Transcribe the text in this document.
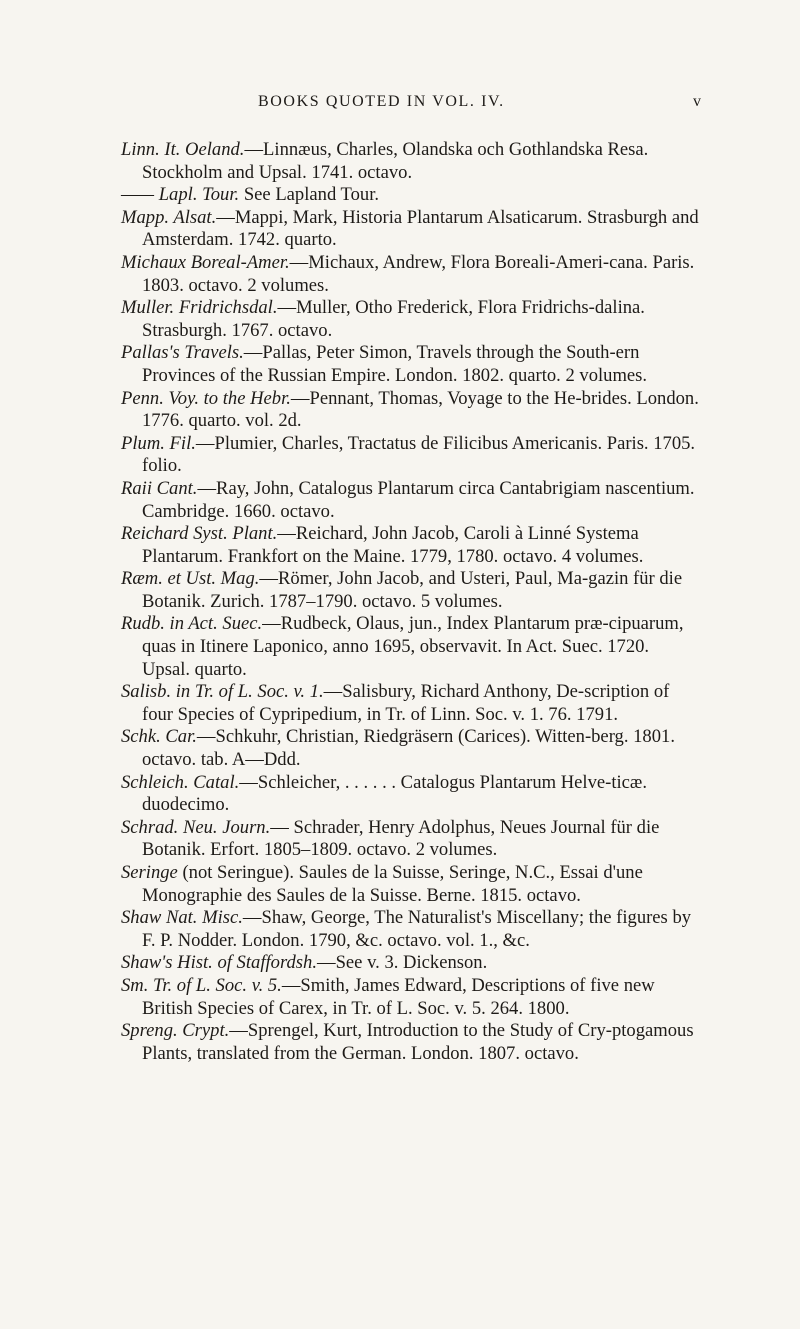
BOOKS QUOTED IN VOL. IV.	v

Linn. It. Oeland.—Linnæus, Charles, Olandska och Gothlandska Resa. Stockholm and Upsal. 1741. octavo.

—— Lapl. Tour. See Lapland Tour.

Mapp. Alsat.—Mappi, Mark, Historia Plantarum Alsaticarum. Strasburgh and Amsterdam. 1742. quarto.

Michaux Boreal-Amer.—Michaux, Andrew, Flora Boreali-Ameri-cana. Paris. 1803. octavo. 2 volumes.

Muller. Fridrichsdal.—Muller, Otho Frederick, Flora Fridrichs-dalina. Strasburgh. 1767. octavo.

Pallas's Travels.—Pallas, Peter Simon, Travels through the South-ern Provinces of the Russian Empire. London. 1802. quarto. 2 volumes.

Penn. Voy. to the Hebr.—Pennant, Thomas, Voyage to the He-brides. London. 1776. quarto. vol. 2d.

Plum. Fil.—Plumier, Charles, Tractatus de Filicibus Americanis. Paris. 1705. folio.

Raii Cant.—Ray, John, Catalogus Plantarum circa Cantabrigiam nascentium. Cambridge. 1660. octavo.

Reichard Syst. Plant.—Reichard, John Jacob, Caroli à Linné Systema Plantarum. Frankfort on the Maine. 1779, 1780. octavo. 4 volumes.

Ræm. et Ust. Mag.—Römer, John Jacob, and Usteri, Paul, Ma-gazin für die Botanik. Zurich. 1787–1790. octavo. 5 volumes.

Rudb. in Act. Suec.—Rudbeck, Olaus, jun., Index Plantarum præ-cipuarum, quas in Itinere Laponico, anno 1695, observavit. In Act. Suec. 1720. Upsal. quarto.

Salisb. in Tr. of L. Soc. v. 1.—Salisbury, Richard Anthony, De-scription of four Species of Cypripedium, in Tr. of Linn. Soc. v. 1. 76. 1791.

Schk. Car.—Schkuhr, Christian, Riedgräsern (Carices). Witten-berg. 1801. octavo. tab. A—Ddd.

Schleich. Catal.—Schleicher, . . . . . . Catalogus Plantarum Helve-ticæ. duodecimo.

Schrad. Neu. Journ.— Schrader, Henry Adolphus, Neues Journal für die Botanik. Erfort. 1805–1809. octavo. 2 volumes.

Seringe (not Seringue). Saules de la Suisse, Seringe, N.C., Essai d'une Monographie des Saules de la Suisse. Berne. 1815. octavo.

Shaw Nat. Misc.—Shaw, George, The Naturalist's Miscellany; the figures by F. P. Nodder. London. 1790, &c. octavo. vol. 1., &c.

Shaw's Hist. of Staffordsh.—See v. 3. Dickenson.

Sm. Tr. of L. Soc. v. 5.—Smith, James Edward, Descriptions of five new British Species of Carex, in Tr. of L. Soc. v. 5. 264. 1800.

Spreng. Crypt.—Sprengel, Kurt, Introduction to the Study of Cry-ptogamous Plants, translated from the German. London. 1807. octavo.
